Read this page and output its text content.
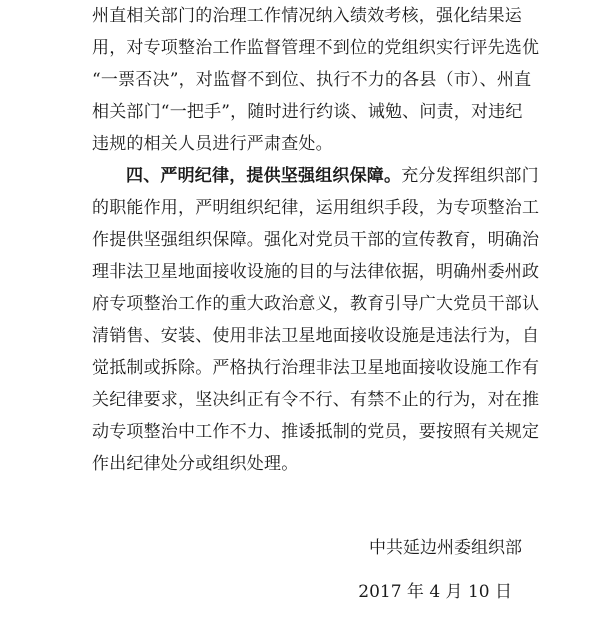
州直相关部门的治理工作情况纳入绩效考核，强化结果运
用，对专项整治工作监督管理不到位的党组织实行评先选优
“一票否决”，对监督不到位、执行不力的各县（市）、州直
相关部门“一把手”，随时进行约谈、诫勉、问责，对违纪
违规的相关人员进行严肃查处。
四、严明纪律，提供坚强组织保障。充分发挥组织部门
的职能作用，严明组织纪律，运用组织手段，为专项整治工
作提供坚强组织保障。强化对党员干部的宣传教育，明确治
理非法卫星地面接收设施的目的与法律依据，明确州委州政
府专项整治工作的重大政治意义，教育引导广大党员干部认
清销售、安装、使用非法卫星地面接收设施是违法行为，自
觉抵制或拆除。严格执行治理非法卫星地面接收设施工作有
关纪律要求，坚决纠正有令不行、有禁不止的行为，对在推
动专项整治中工作不力、推诿抵制的党员，要按照有关规定
作出纪律处分或组织处理。
中共延边州委组织部
2017 年 4 月 10 日
